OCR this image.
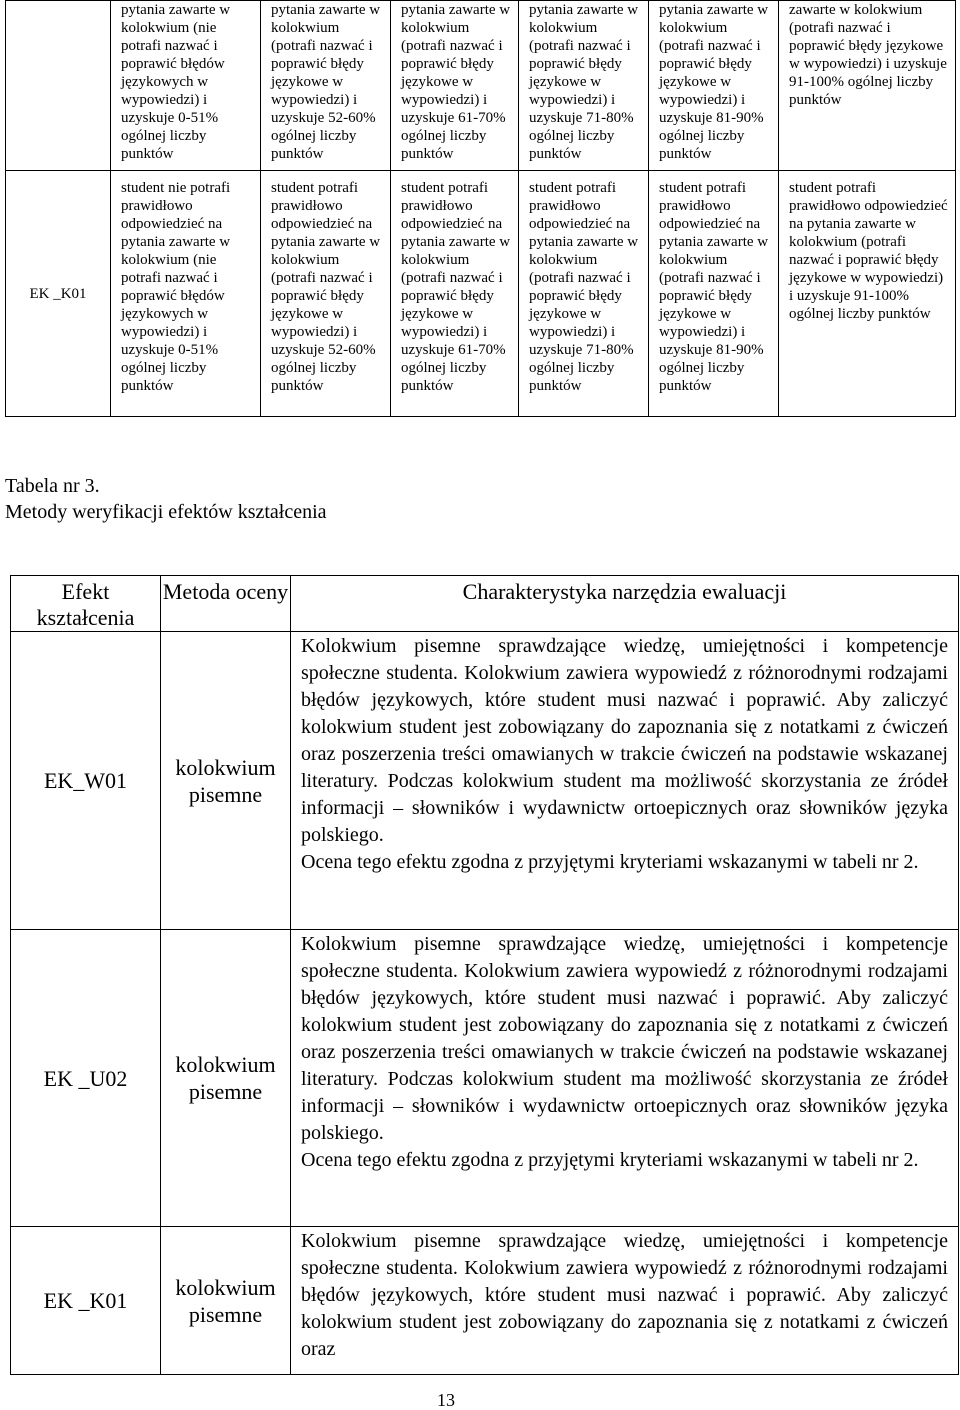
	pytania zawarte w kolokwium (nie potrafi nazwać i poprawić błędów językowych w wypowiedzi) i uzyskuje 0-51% ogólnej liczby punktów	pytania zawarte w kolokwium (potrafi nazwać i poprawić błędy językowe w wypowiedzi) i uzyskuje 52-60% ogólnej liczby punktów	pytania zawarte w kolokwium (potrafi nazwać i poprawić błędy językowe w wypowiedzi) i uzyskuje 61-70% ogólnej liczby punktów	pytania zawarte w kolokwium (potrafi nazwać i poprawić błędy językowe w wypowiedzi) i uzyskuje 71-80% ogólnej liczby punktów	pytania zawarte w kolokwium (potrafi nazwać i poprawić błędy językowe w wypowiedzi) i uzyskuje 81-90% ogólnej liczby punktów	zawarte w kolokwium (potrafi nazwać i poprawić błędy językowe w wypowiedzi) i uzyskuje 91-100% ogólnej liczby punktów
EK _K01	student nie potrafi prawidłowo odpowiedzieć na pytania zawarte w kolokwium (nie potrafi nazwać i poprawić błędów językowych w wypowiedzi) i uzyskuje 0-51% ogólnej liczby punktów	student potrafi prawidłowo odpowiedzieć na pytania zawarte w kolokwium (potrafi nazwać i poprawić błędy językowe w wypowiedzi) i uzyskuje 52-60% ogólnej liczby punktów	student potrafi prawidłowo odpowiedzieć na pytania zawarte w kolokwium (potrafi nazwać i poprawić błędy językowe w wypowiedzi) i uzyskuje 61-70% ogólnej liczby punktów	student potrafi prawidłowo odpowiedzieć na pytania zawarte w kolokwium (potrafi nazwać i poprawić błędy językowe w wypowiedzi) i uzyskuje 71-80% ogólnej liczby punktów	student potrafi prawidłowo odpowiedzieć na pytania zawarte w kolokwium (potrafi nazwać i poprawić błędy językowe w wypowiedzi) i uzyskuje 81-90% ogólnej liczby punktów	student potrafi prawidłowo odpowiedzieć na pytania zawarte w kolokwium (potrafi nazwać i poprawić błędy językowe w wypowiedzi) i uzyskuje 91-100% ogólnej liczby punktów
Tabela nr 3.
Metody weryfikacji efektów kształcenia
Efekt kształcenia	Metoda oceny	Charakterystyka narzędzia ewaluacji
EK_W01	kolokwium pisemne	Kolokwium pisemne sprawdzające wiedzę, umiejętności i kompetencje społeczne studenta. Kolokwium zawiera wypowiedź z różnorodnymi rodzajami błędów językowych, które student musi nazwać i poprawić. Aby zaliczyć kolokwium student jest zobowiązany do zapoznania się z notatkami z ćwiczeń oraz poszerzenia treści omawianych w trakcie ćwiczeń na podstawie wskazanej literatury. Podczas kolokwium student ma możliwość skorzystania ze źródeł informacji – słowników i wydawnictw ortoepicznych oraz słowników języka polskiego.
Ocena tego efektu zgodna z przyjętymi kryteriami wskazanymi w tabeli nr 2.

EK _U02	kolokwium pisemne	Kolokwium pisemne sprawdzające wiedzę, umiejętności i kompetencje społeczne studenta. Kolokwium zawiera wypowiedź z różnorodnymi rodzajami błędów językowych, które student musi nazwać i poprawić. Aby zaliczyć kolokwium student jest zobowiązany do zapoznania się z notatkami z ćwiczeń oraz poszerzenia treści omawianych w trakcie ćwiczeń na podstawie wskazanej literatury. Podczas kolokwium student ma możliwość skorzystania ze źródeł informacji – słowników i wydawnictw ortoepicznych oraz słowników języka polskiego.
Ocena tego efektu zgodna z przyjętymi kryteriami wskazanymi w tabeli nr 2.

EK _K01	kolokwium pisemne	Kolokwium pisemne sprawdzające wiedzę, umiejętności i kompetencje społeczne studenta. Kolokwium zawiera wypowiedź z różnorodnymi rodzajami błędów językowych, które student musi nazwać i poprawić. Aby zaliczyć kolokwium student jest zobowiązany do zapoznania się z notatkami z ćwiczeń oraz
13
